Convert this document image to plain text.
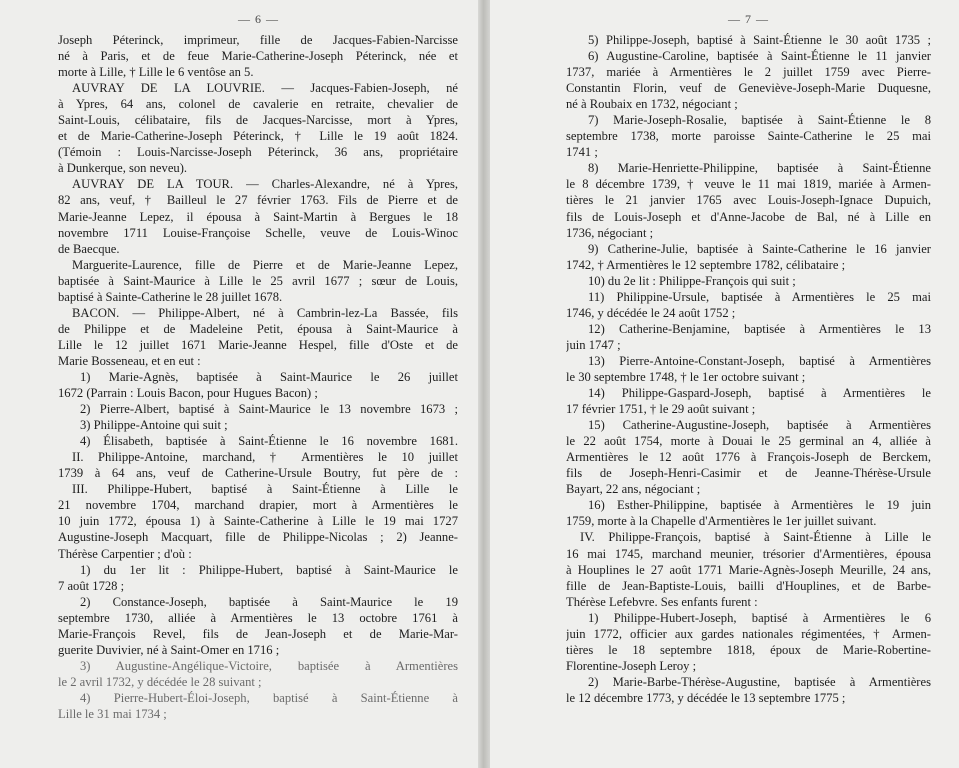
— 6 —
Joseph Péterinck, imprimeur, fille de Jacques-Fabien-Narcisse
né à Paris, et de feue Marie-Catherine-Joseph Péterinck, née et
morte à Lille, † Lille le 6 ventôse an 5.
AUVRAY DE LA LOUVRIE. — Jacques-Fabien-Joseph, né
à Ypres, 64 ans, colonel de cavalerie en retraite, chevalier de
Saint-Louis, célibataire, fils de Jacques-Narcisse, mort à Ypres,
et de Marie-Catherine-Joseph Péterinck, † Lille le 19 août 1824.
(Témoin : Louis-Narcisse-Joseph Péterinck, 36 ans, propriétaire
à Dunkerque, son neveu).
AUVRAY DE LA TOUR. — Charles-Alexandre, né à Ypres,
82 ans, veuf, † Bailleul le 27 février 1763. Fils de Pierre et de
Marie-Jeanne Lepez, il épousa à Saint-Martin à Bergues le 18
novembre 1711 Louise-Françoise Schelle, veuve de Louis-Winoc
de Baecque.
Marguerite-Laurence, fille de Pierre et de Marie-Jeanne Lepez,
baptisée à Saint-Maurice à Lille le 25 avril 1677 ; sœur de Louis,
baptisé à Sainte-Catherine le 28 juillet 1678.
BACON. — Philippe-Albert, né à Cambrin-lez-La Bassée, fils
de Philippe et de Madeleine Petit, épousa à Saint-Maurice à
Lille le 12 juillet 1671 Marie-Jeanne Hespel, fille d'Oste et de
Marie Bosseneau, et en eut :
1) Marie-Agnès, baptisée à Saint-Maurice le 26 juillet
1672 (Parrain : Louis Bacon, pour Hugues Bacon) ;
2) Pierre-Albert, baptisé à Saint-Maurice le 13 novembre 1673 ;
3) Philippe-Antoine qui suit ;
4) Élisabeth, baptisée à Saint-Étienne le 16 novembre 1681.
II. Philippe-Antoine, marchand, † Armentières le 10 juillet
1739 à 64 ans, veuf de Catherine-Ursule Boutry, fut père de :
III. Philippe-Hubert, baptisé à Saint-Étienne à Lille le
21 novembre 1704, marchand drapier, mort à Armentières le
10 juin 1772, épousa 1) à Sainte-Catherine à Lille le 19 mai 1727
Augustine-Joseph Macquart, fille de Philippe-Nicolas ; 2) Jeanne-
Thérèse Carpentier ; d'où :
1) du 1er lit : Philippe-Hubert, baptisé à Saint-Maurice le
7 août 1728 ;
2) Constance-Joseph, baptisée à Saint-Maurice le 19
septembre 1730, alliée à Armentières le 13 octobre 1761 à
Marie-François Revel, fils de Jean-Joseph et de Marie-Mar-
guerite Duvivier, né à Saint-Omer en 1716 ;
3) Augustine-Angélique-Victoire, baptisée à Armentières
le 2 avril 1732, y décédée le 28 suivant ;
4) Pierre-Hubert-Éloi-Joseph, baptisé à Saint-Étienne à
Lille le 31 mai 1734 ;
— 7 —
5) Philippe-Joseph, baptisé à Saint-Étienne le 30 août 1735 ;
6) Augustine-Caroline, baptisée à Saint-Étienne le 11 janvier
1737, mariée à Armentières le 2 juillet 1759 avec Pierre-
Constantin Florin, veuf de Geneviève-Joseph-Marie Duquesne,
né à Roubaix en 1732, négociant ;
7) Marie-Joseph-Rosalie, baptisée à Saint-Étienne le 8
septembre 1738, morte paroisse Sainte-Catherine le 25 mai
1741 ;
8) Marie-Henriette-Philippine, baptisée à Saint-Étienne
le 8 décembre 1739, † veuve le 11 mai 1819, mariée à Armen-
tières le 21 janvier 1765 avec Louis-Joseph-Ignace Dupuich,
fils de Louis-Joseph et d'Anne-Jacobe de Bal, né à Lille en
1736, négociant ;
9) Catherine-Julie, baptisée à Sainte-Catherine le 16 janvier
1742, † Armentières le 12 septembre 1782, célibataire ;
10) du 2e lit : Philippe-François qui suit ;
11) Philippine-Ursule, baptisée à Armentières le 25 mai
1746, y décédée le 24 août 1752 ;
12) Catherine-Benjamine, baptisée à Armentières le 13
juin 1747 ;
13) Pierre-Antoine-Constant-Joseph, baptisé à Armentières
le 30 septembre 1748, † le 1er octobre suivant ;
14) Philippe-Gaspard-Joseph, baptisé à Armentières le
17 février 1751, † le 29 août suivant ;
15) Catherine-Augustine-Joseph, baptisée à Armentières
le 22 août 1754, morte à Douai le 25 germinal an 4, alliée à
Armentières le 12 août 1776 à François-Joseph de Berckem,
fils de Joseph-Henri-Casimir et de Jeanne-Thérèse-Ursule
Bayart, 22 ans, négociant ;
16) Esther-Philippine, baptisée à Armentières le 19 juin
1759, morte à la Chapelle d'Armentières le 1er juillet suivant.
IV. Philippe-François, baptisé à Saint-Étienne à Lille le
16 mai 1745, marchand meunier, trésorier d'Armentières, épousa
à Houplines le 27 août 1771 Marie-Agnès-Joseph Meurille, 24 ans,
fille de Jean-Baptiste-Louis, bailli d'Houplines, et de Barbe-
Thérèse Lefebvre. Ses enfants furent :
1) Philippe-Hubert-Joseph, baptisé à Armentières le 6
juin 1772, officier aux gardes nationales régimentées, † Armen-
tières le 18 septembre 1818, époux de Marie-Robertine-
Florentine-Joseph Leroy ;
2) Marie-Barbe-Thérèse-Augustine, baptisée à Armentières
le 12 décembre 1773, y décédée le 13 septembre 1775 ;
